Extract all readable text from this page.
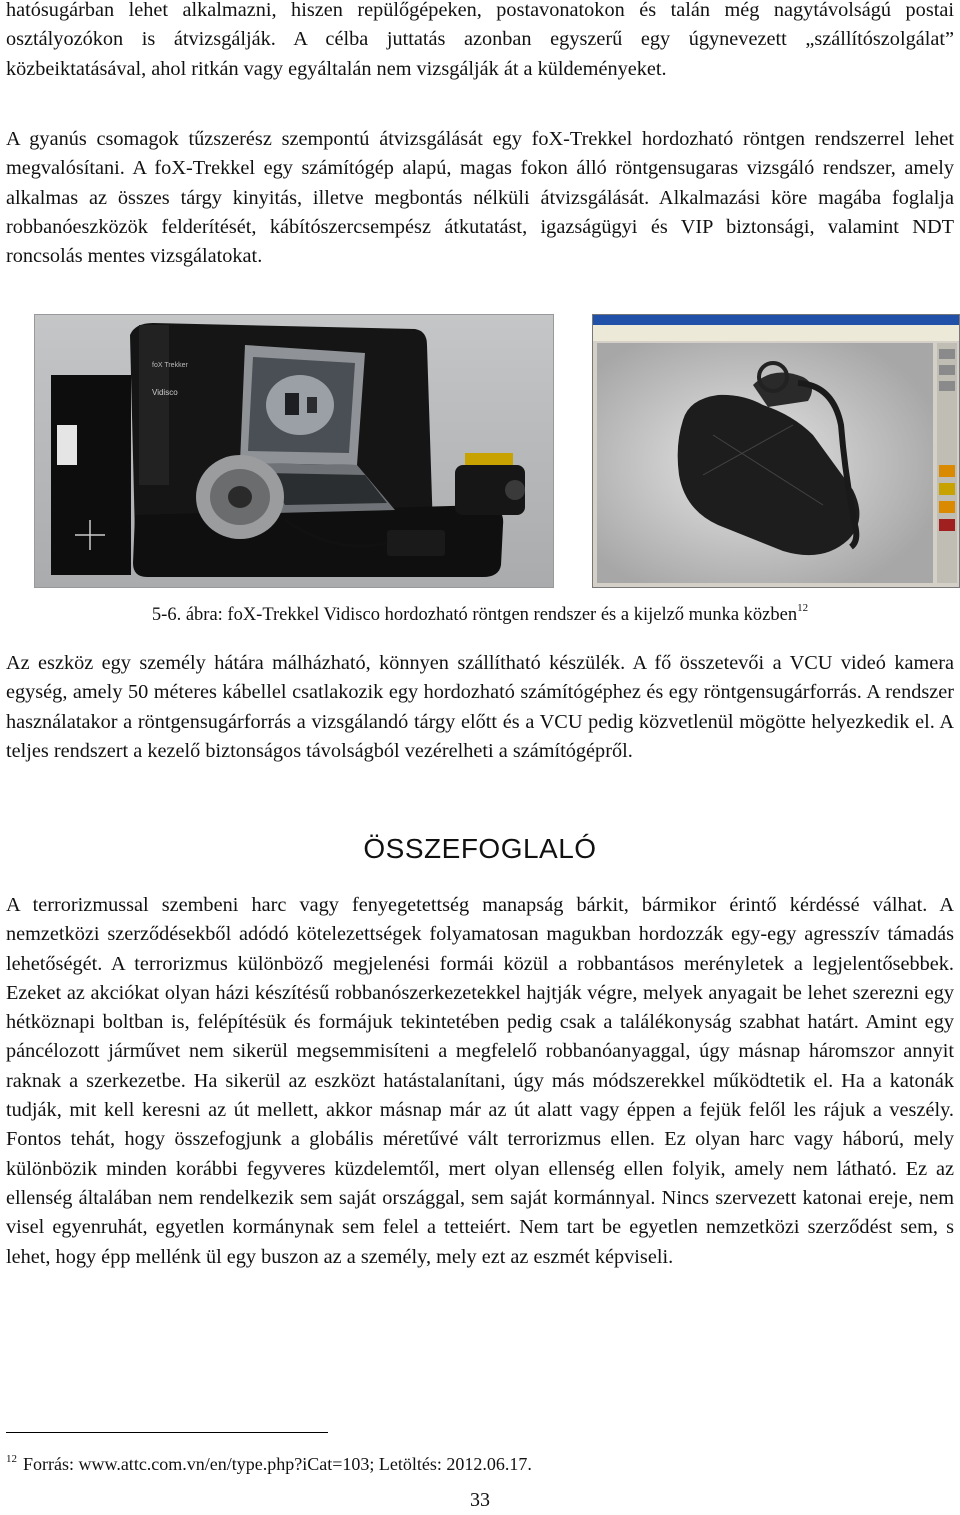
hatósugárban lehet alkalmazni, hiszen repülőgépeken, postavonatokon és talán még nagytávolságú postai osztályozókon is átvizsgálják. A célba juttatás azonban egyszerű egy úgynevezett „szállítószolgálat” közbeiktatásával, ahol ritkán vagy egyáltalán nem vizsgálják át a küldeményeket.

A gyanús csomagok tűzszerész szempontú átvizsgálását egy foX-Trekkel hordozható röntgen rendszerrel lehet megvalósítani. A foX-Trekkel egy számítógép alapú, magas fokon álló röntgensugaras vizsgáló rendszer, amely alkalmas az összes tárgy kinyitás, illetve megbontás nélküli átvizsgálását. Alkalmazási köre magába foglalja robbanóeszközök felderítését, kábítószercsempész átkutatást, igazságügyi és VIP biztonsági, valamint NDT roncsolás mentes vizsgálatokat.

foX Trekker
Vidisco
5-6. ábra: foX-Trekkel Vidisco hordozható röntgen rendszer és a kijelző munka közben$^{12}$

Az eszköz egy személy hátára málházható, könnyen szállítható készülék. A fő összetevői a VCU videó kamera egység, amely 50 méteres kábellel csatlakozik egy hordozható számítógéphez és egy röntgensugárforrás. A rendszer használatakor a röntgensugárforrás a vizsgálandó tárgy előtt és a VCU pedig közvetlenül mögötte helyezkedik el. A teljes rendszert a kezelő biztonságos távolságból vezérelheti a számítógépről.

ÖSSZEFOGLALÓ

A terrorizmussal szembeni harc vagy fenyegetettség manapság bárkit, bármikor érintő kérdéssé válhat. A nemzetközi szerződésekből adódó kötelezettségek folyamatosan magukban hordozzák egy-egy agresszív támadás lehetőségét. A terrorizmus különböző megjelenési formái közül a robbantásos merényletek a legjelentősebbek. Ezeket az akciókat olyan házi készítésű robbanószerkezetekkel hajtják végre, melyek anyagait be lehet szerezni egy hétköznapi boltban is, felépítésük és formájuk tekintetében pedig csak a találékonyság szabhat határt. Amint egy páncélozott járművet nem sikerül megsemmisíteni a megfelelő robbanóanyaggal, úgy másnap háromszor annyit raknak a szerkezetbe. Ha sikerül az eszközt hatástalanítani, úgy más módszerekkel működtetik el. Ha a katonák tudják, mit kell keresni az út mellett, akkor másnap már az út alatt vagy éppen a fejük felől les rájuk a veszély. Fontos tehát, hogy összefogjunk a globális méretűvé vált terrorizmus ellen. Ez olyan harc vagy háború, mely különbözik minden korábbi fegyveres küzdelemtől, mert olyan ellenség ellen folyik, amely nem látható. Ez az ellenség általában nem rendelkezik sem saját országgal, sem saját kormánnyal. Nincs szervezett katonai ereje, nem visel egyenruhát, egyetlen kormánynak sem felel a tetteiért. Nem tart be egyetlen nemzetközi szerződést sem, s lehet, hogy épp mellénk ül egy buszon az a személy, mely ezt az eszmét képviseli.

$^{12}$ Forrás: www.attc.com.vn/en/type.php?iCat=103; Letöltés: 2012.06.17.
33
